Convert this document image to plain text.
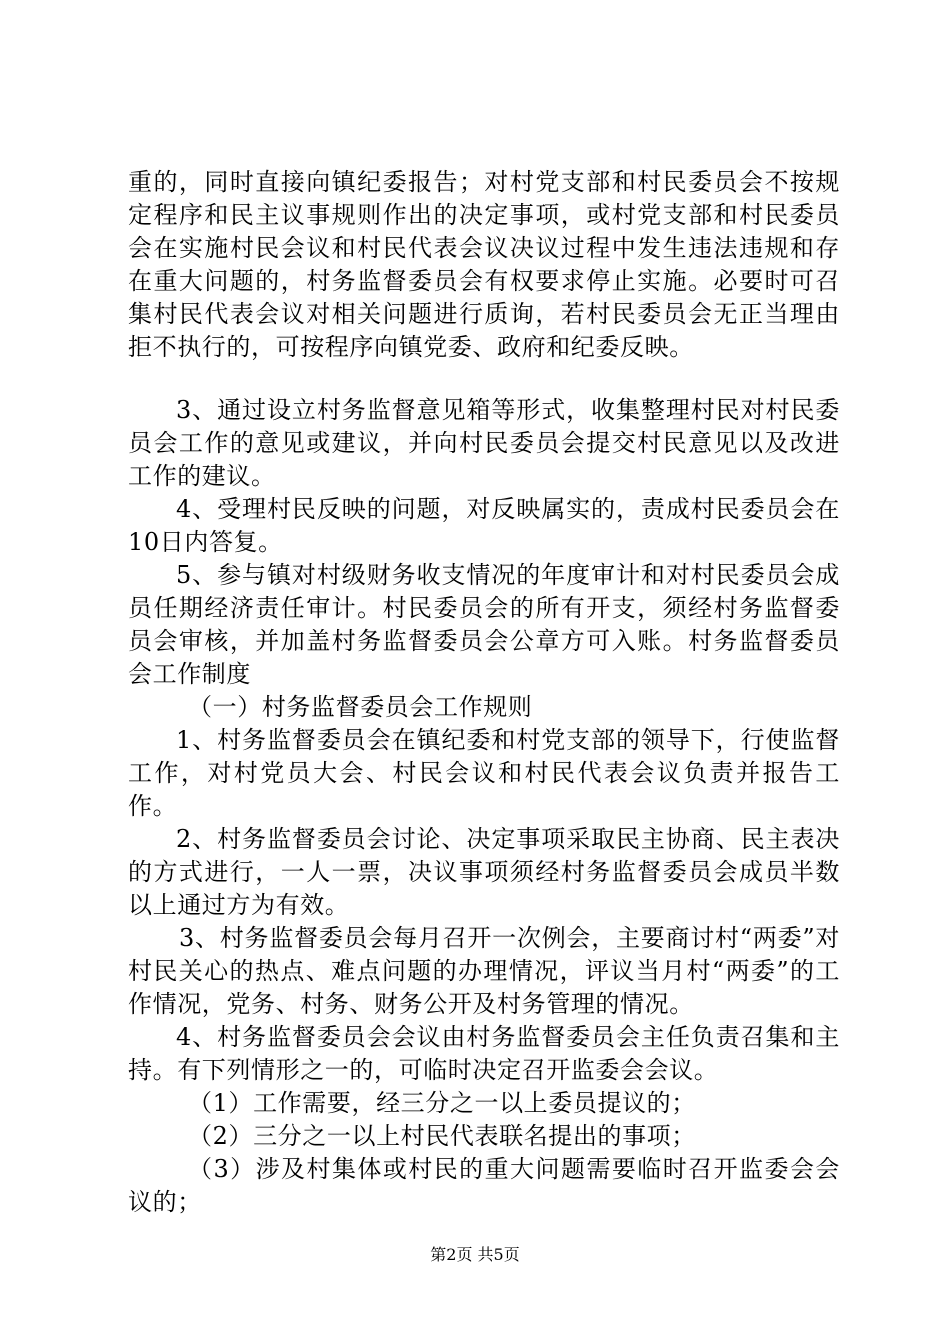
重的，同时直接向镇纪委报告；对村党支部和村民委员会不按规定程序和民主议事规则作出的决定事项，或村党支部和村民委员会在实施村民会议和村民代表会议决议过程中发生违法违规和存在重大问题的，村务监督委员会有权要求停止实施。必要时可召集村民代表会议对相关问题进行质询，若村民委员会无正当理由拒不执行的，可按程序向镇党委、政府和纪委反映。

3、通过设立村务监督意见箱等形式，收集整理村民对村民委员会工作的意见或建议，并向村民委员会提交村民意见以及改进工作的建议。

4、受理村民反映的问题，对反映属实的，责成村民委员会在10日内答复。

5、参与镇对村级财务收支情况的年度审计和对村民委员会成员任期经济责任审计。村民委员会的所有开支，须经村务监督委员会审核，并加盖村务监督委员会公章方可入账。村务监督委员会工作制度

（一）村务监督委员会工作规则

1、村务监督委员会在镇纪委和村党支部的领导下，行使监督工作，对村党员大会、村民会议和村民代表会议负责并报告工作。

2、村务监督委员会讨论、决定事项采取民主协商、民主表决的方式进行，一人一票，决议事项须经村务监督委员会成员半数以上通过方为有效。

3、村务监督委员会每月召开一次例会，主要商讨村“两委”对村民关心的热点、难点问题的办理情况，评议当月村“两委”的工作情况，党务、村务、财务公开及村务管理的情况。

4、村务监督委员会会议由村务监督委员会主任负责召集和主持。有下列情形之一的，可临时决定召开监委会会议。

（1）工作需要，经三分之一以上委员提议的；

（2）三分之一以上村民代表联名提出的事项；

（3）涉及村集体或村民的重大问题需要临时召开监委会会议的；

第2页 共5页
